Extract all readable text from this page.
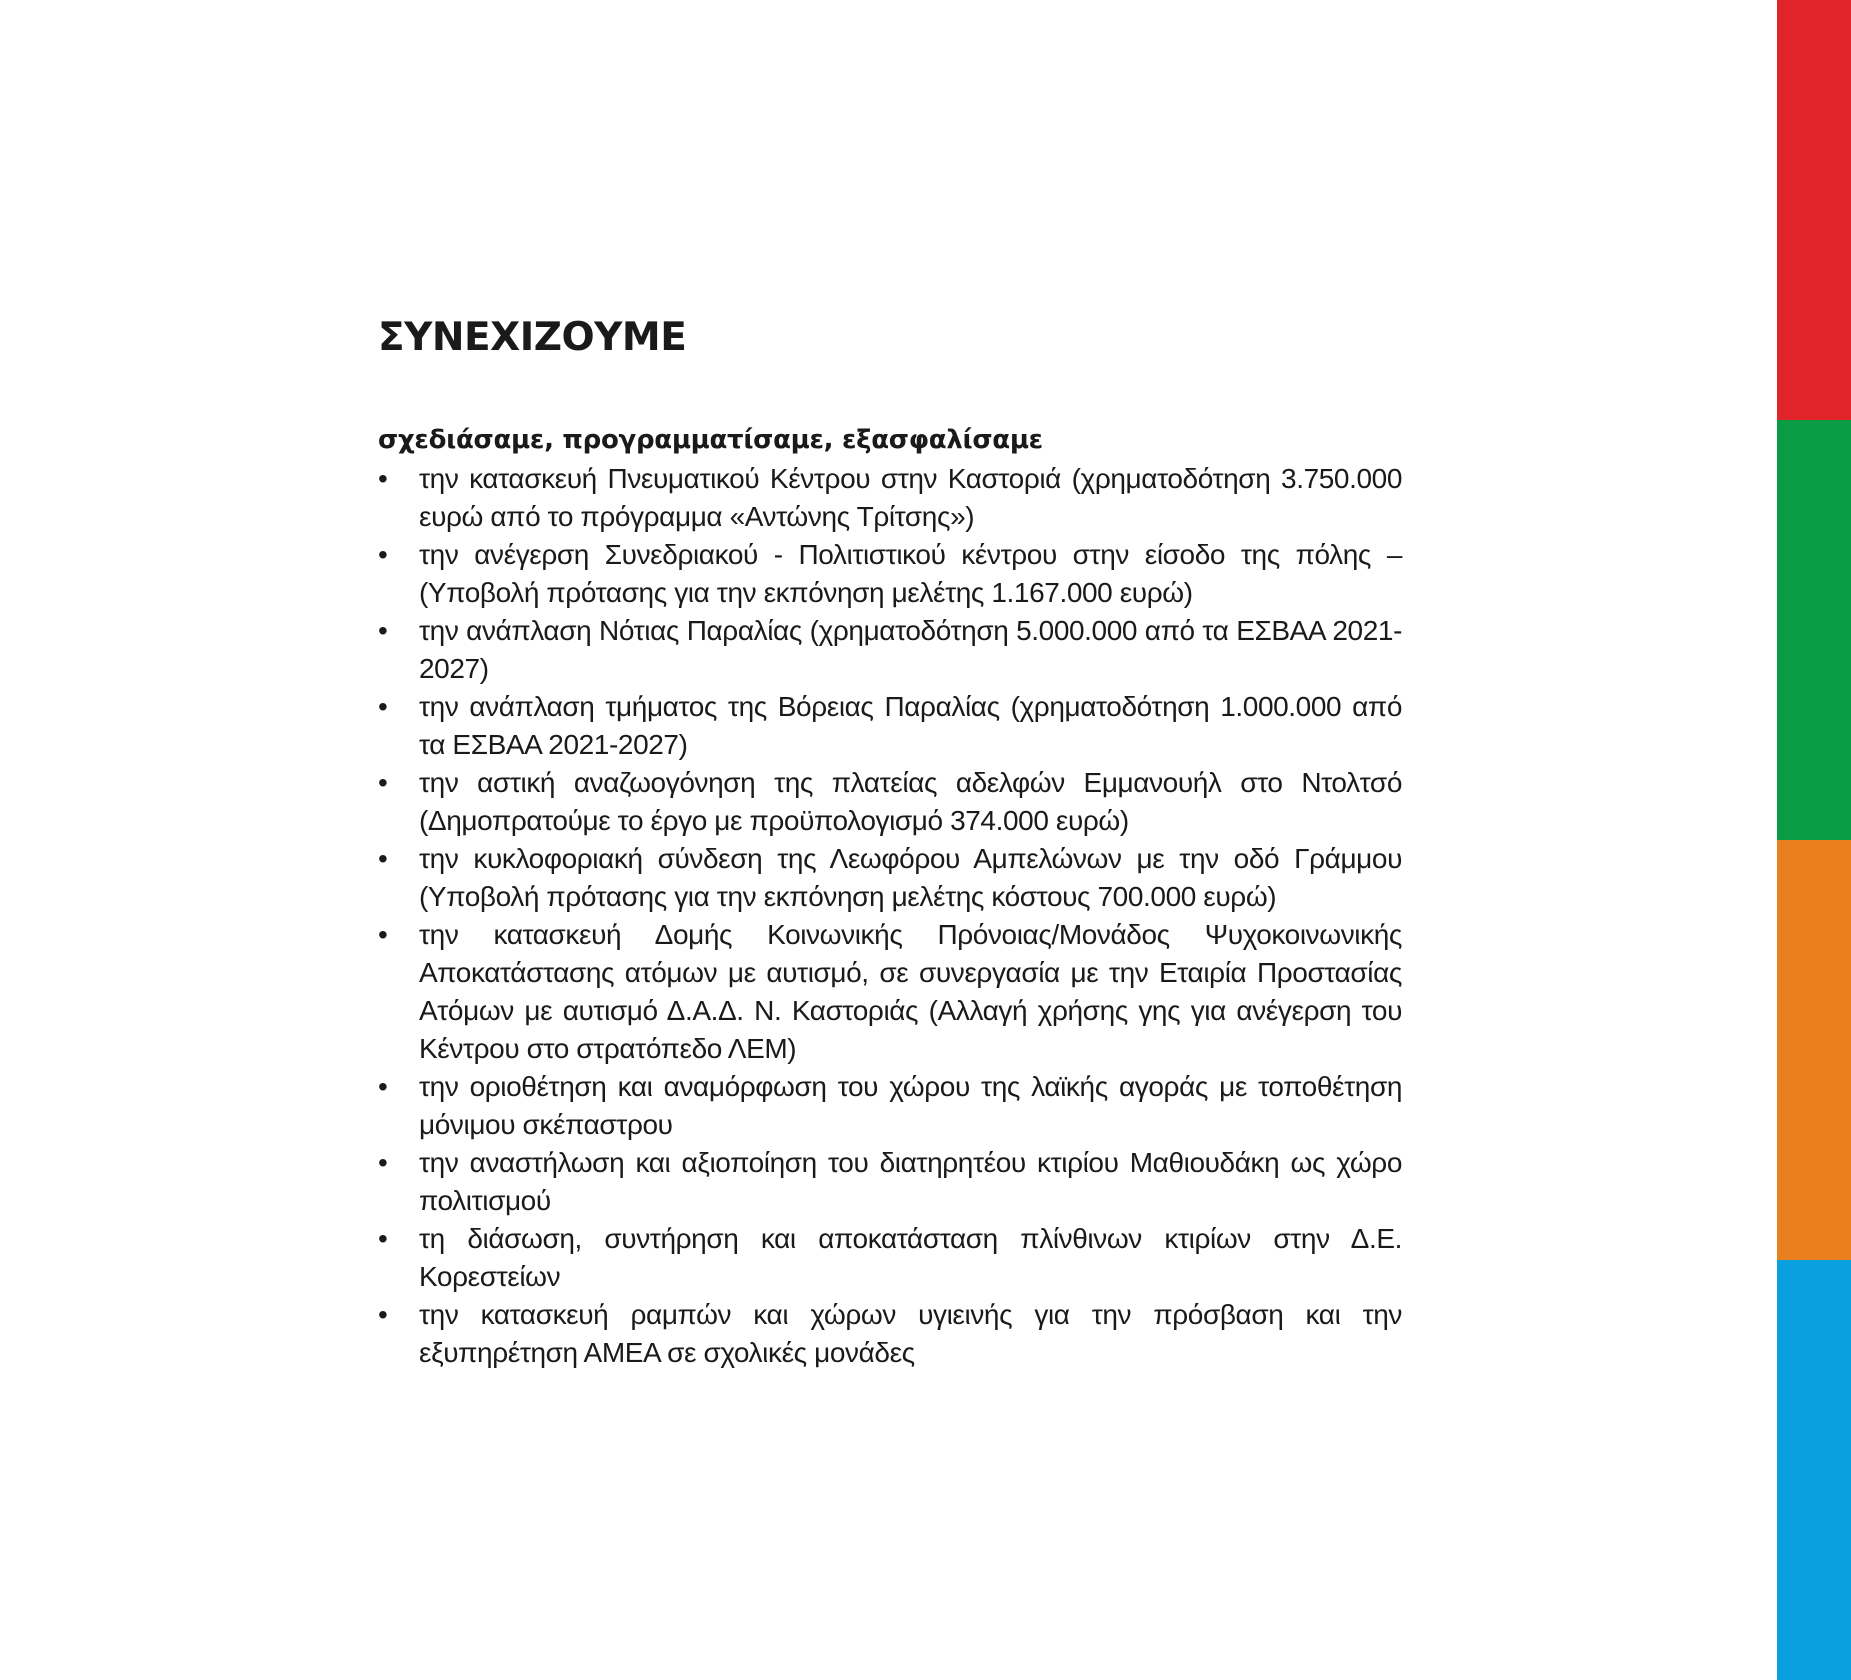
ΣΥΝΕΧΙΖΟΥΜΕ

σχεδιάσαμε, προγραμματίσαμε, εξασφαλίσαμε

•	την κατασκευή Πνευματικού Κέντρου στην Καστοριά (χρηματοδότηση 3.750.000 ευρώ από το πρόγραμμα «Αντώνης Τρίτσης»)
•	την ανέγερση Συνεδριακού - Πολιτιστικού κέντρου στην είσοδο της πόλης – (Υποβολή πρότασης για την εκπόνηση μελέτης 1.167.000 ευρώ)
•	την ανάπλαση Νότιας Παραλίας (χρηματοδότηση 5.000.000 από τα ΕΣΒΑΑ 2021-2027)
•	την ανάπλαση τμήματος της Βόρειας Παραλίας (χρηματοδότηση 1.000.000 από τα ΕΣΒΑΑ 2021-2027)
•	την αστική αναζωογόνηση της πλατείας αδελφών Εμμανουήλ στο Ντολτσό (Δημοπρατούμε το έργο με προϋπολογισμό 374.000 ευρώ)
•	την κυκλοφοριακή σύνδεση της Λεωφόρου Αμπελώνων με την οδό Γράμμου (Υποβολή πρότασης για την εκπόνηση μελέτης κόστους 700.000 ευρώ)
•	την κατασκευή Δομής Κοινωνικής Πρόνοιας/Μονάδος Ψυχοκοινωνικής Αποκατάστασης ατόμων με αυτισμό, σε συνεργασία με την Εταιρία Προστασίας Ατόμων με αυτισμό Δ.Α.Δ. Ν. Καστοριάς (Αλλαγή χρήσης γης για ανέγερση του Κέντρου στο στρατόπεδο ΛΕΜ)
•	την οριοθέτηση και αναμόρφωση του χώρου της λαϊκής αγοράς με τοποθέτηση μόνιμου σκέπαστρου
•	την αναστήλωση και αξιοποίηση του διατηρητέου κτιρίου Μαθιουδάκη ως χώρο πολιτισμού
•	τη διάσωση, συντήρηση και αποκατάσταση πλίνθινων κτιρίων στην Δ.Ε. Κορεστείων
•	την κατασκευή ραμπών και χώρων υγιεινής για την πρόσβαση και την εξυπηρέτηση ΑΜΕΑ σε σχολικές μονάδες
